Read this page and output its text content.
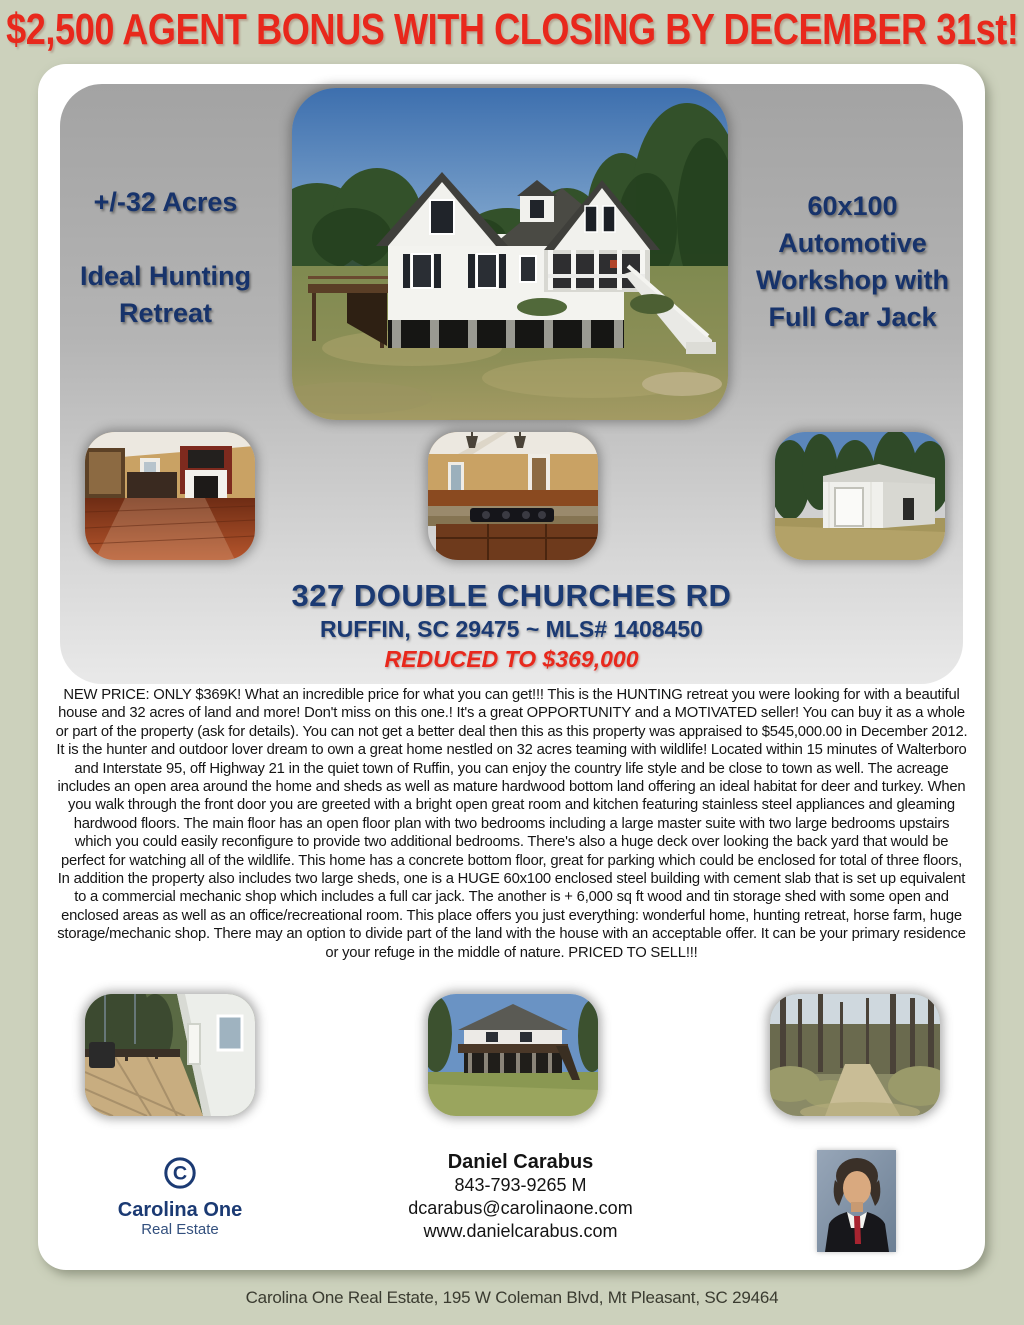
$2,500 AGENT BONUS WITH CLOSING BY DECEMBER 31st!
+/-32 Acres
Ideal Hunting
Retreat
60x100
Automotive
Workshop with
Full Car Jack
327 DOUBLE CHURCHES RD
RUFFIN, SC 29475 ~ MLS# 1408450
REDUCED TO $369,000

NEW PRICE: ONLY $369K! What an incredible price for what you can get!!! This is the HUNTING retreat you were looking for with a beautiful house and 32 acres of land and more! Don't miss on this one.! It's a great OPPORTUNITY and a MOTIVATED seller! You can buy it as a whole or part of the property (ask for details). You can not get a better deal then this as this property was appraised to $545,000.00 in December 2012. It is the hunter and outdoor lover dream to own a great home nestled on 32 acres teaming with wildlife! Located within 15 minutes of Walterboro and Interstate 95, off Highway 21 in the quiet town of Ruffin, you can enjoy the country life style and be close to town as well. The acreage includes an open area around the home and sheds as well as mature hardwood bottom land offering an ideal habitat for deer and turkey. When you walk through the front door you are greeted with a bright open great room and kitchen featuring stainless steel appliances and gleaming hardwood floors. The main floor has an open floor plan with two bedrooms including a large master suite with two large bedrooms upstairs which you could easily reconfigure to provide two additional bedrooms. There's also a huge deck over looking the back yard that would be perfect for watching all of the wildlife. This home has a concrete bottom floor, great for parking which could be enclosed for total of three floors, In addition the property also includes two large sheds, one is a HUGE 60x100 enclosed steel building with cement slab that is set up equivalent to a commercial mechanic shop which includes a full car jack. The another is + 6,000 sq ft wood and tin storage shed with some open and enclosed areas as well as an office/recreational room. This place offers you just everything: wonderful home, hunting retreat, horse farm, huge storage/mechanic shop. There may an option to divide part of the land with the house with an acceptable offer. It can be your primary residence or your refuge in the middle of nature. PRICED TO SELL!!!

C
Carolina One
Real Estate
Daniel Carabus
843-793-9265 M
dcarabus@carolinaone.com
www.danielcarabus.com
Carolina One Real Estate, 195 W Coleman Blvd, Mt Pleasant, SC 29464
